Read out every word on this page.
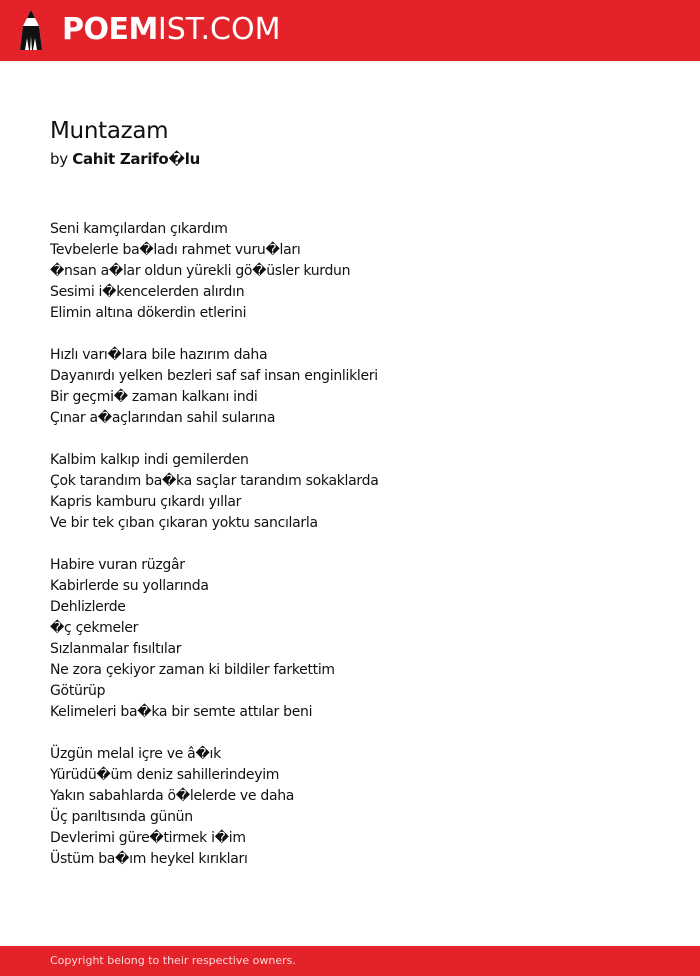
POEMIST.COM
Muntazam
by Cahit Zarifo�lu
Seni kamçılardan çıkardım
Tevbelerle ba�ladı rahmet vuru�ları
�nsan a�lar oldun yürekli gö�üsler kurdun
Sesimi i�kencelerden alırdın
Elimin altına dökerdin etlerini
Hızlı varı�lara bile hazırım daha
Dayanırdı yelken bezleri saf saf insan enginlikleri
Bir geçmi� zaman kalkanı indi
Çınar a�açlarından sahil sularına
Kalbim kalkıp indi gemilerden
Çok tarandım ba�ka saçlar tarandım sokaklarda
Kapris kamburu çıkardı yıllar
Ve bir tek çıban çıkaran yoktu sancılarla
Habire vuran rüzgâr
Kabirlerde su yollarında
Dehlizlerde
�ç çekmeler
Sızlanmalar fısıltılar
Ne zora çekiyor zaman ki bildiler farkettim
Götürüp
Kelimeleri ba�ka bir semte attılar beni
Üzgün melal içre ve â�ık
Yürüdü�üm deniz sahillerindeyim
Yakın sabahlarda ö�lelerde ve daha
Üç parıltısında günün
Devlerimi güre�tirmek i�im
Üstüm ba�ım heykel kırıkları
Copyright belong to their respective owners.
